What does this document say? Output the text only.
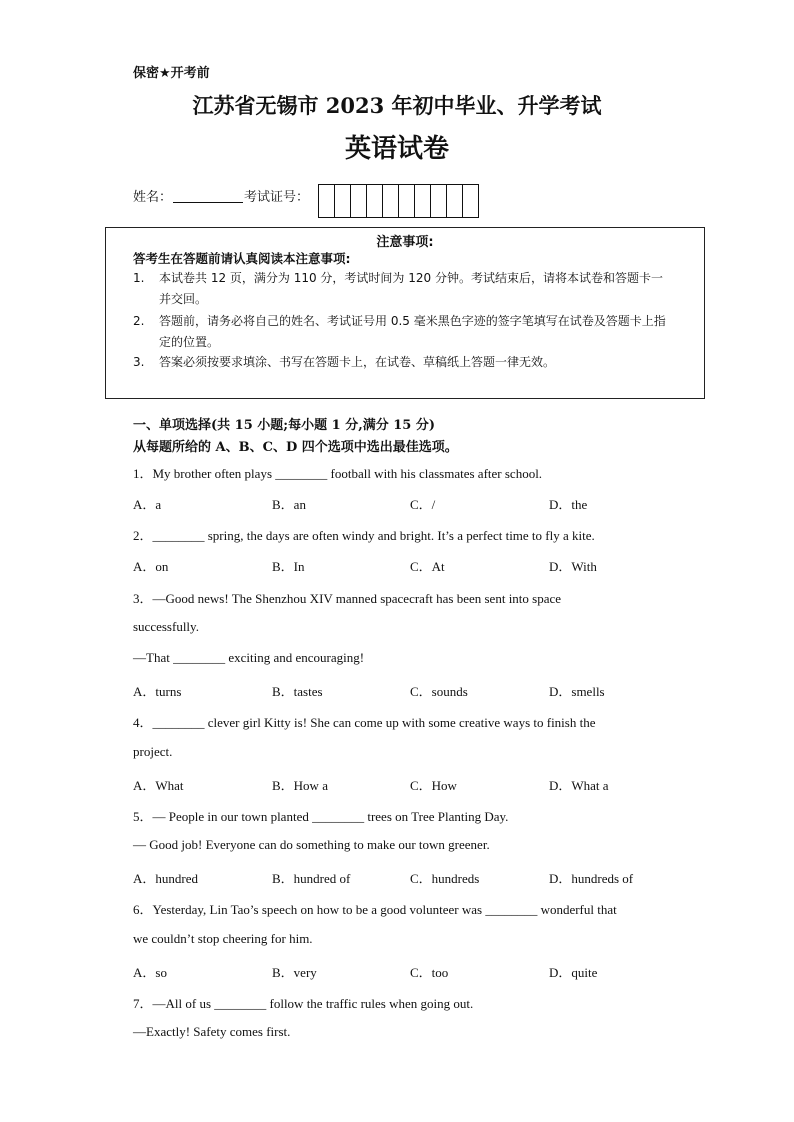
保密★开考前
江苏省无锡市 2023 年初中毕业、升学考试
英语试卷
姓名：	考试证号：
注意事项:
答考生在答题前请认真阅读本注意事项:
1.	本试卷共 12 页，满分为 110 分，考试时间为 120 分钟。考试结束后，请将本试卷和答题卡一并交回。
2.	答题前，请务必将自己的姓名、考试证号用 0.5 毫米黑色字迹的签字笔填写在试卷及答题卡上指定的位置。
3.	答案必须按要求填涂、书写在答题卡上，在试卷、草稿纸上答题一律无效。
一、单项选择(共 15 小题;每小题 1 分,满分 15 分)
从每题所给的 A、B、C、D 四个选项中选出最佳选项。
1．My brother often plays ________ football with his classmates after school.
A．a	B．an	C．/	D．the
2．________ spring, the days are often windy and bright. It’s a perfect time to fly a kite.
A．on	B．In	C．At	D．With
3．—Good news! The Shenzhou XIV manned spacecraft has been sent into space
successfully.
—That ________ exciting and encouraging!
A．turns	B．tastes	C．sounds	D．smells
4．________ clever girl Kitty is! She can come up with some creative ways to finish the
project.
A．What	B．How a	C．How	D．What a
5．— People in our town planted ________ trees on Tree Planting Day.
— Good job! Everyone can do something to make our town greener.
A．hundred	B．hundred of	C．hundreds	D．hundreds of
6．Yesterday, Lin Tao’s speech on how to be a good volunteer was ________ wonderful that
we couldn’t stop cheering for him.
A．so	B．very	C．too	D．quite
7．—All of us ________ follow the traffic rules when going out.
—Exactly! Safety comes first.
